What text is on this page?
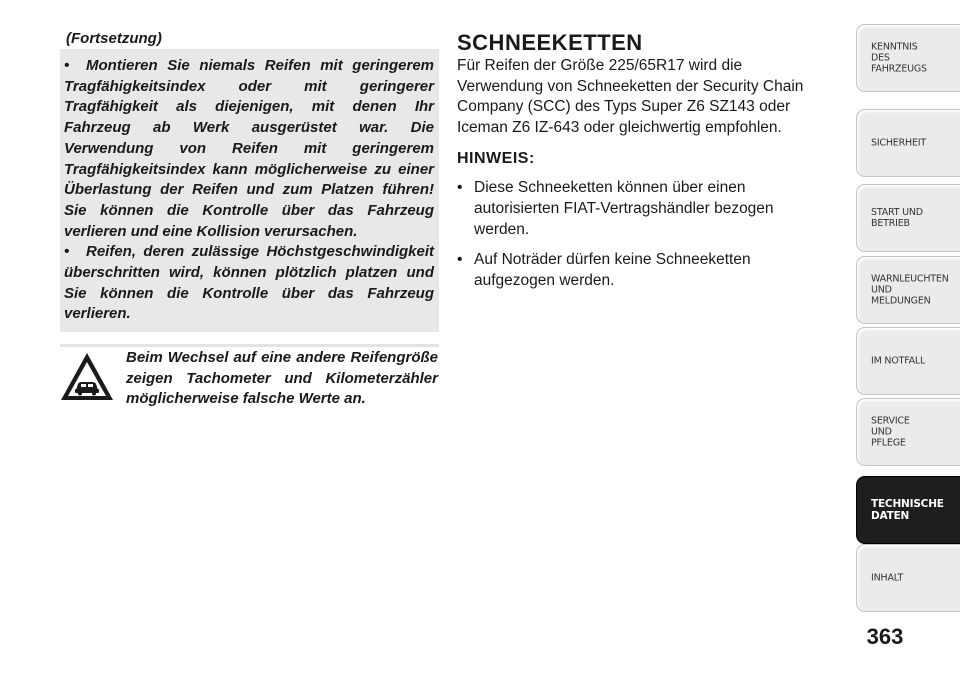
(Fortsetzung)

• Montieren Sie niemals Reifen mit geringerem Tragfähigkeitsindex oder mit geringerer Tragfähigkeit als diejenigen, mit denen Ihr Fahrzeug ab Werk ausgerüstet war. Die Verwendung von Reifen mit geringerem Tragfähigkeitsindex kann möglicherweise zu einer Überlastung der Reifen und zum Platzen führen! Sie können die Kontrolle über das Fahrzeug verlieren und eine Kollision verursachen.

• Reifen, deren zulässige Höchstgeschwindigkeit überschritten wird, können plötzlich platzen und Sie können die Kontrolle über das Fahrzeug verlieren.

Beim Wechsel auf eine andere Reifengröße zeigen Tachometer und Kilometerzähler möglicherweise falsche Werte an.
SCHNEEKETTEN

Für Reifen der Größe 225/65R17 wird die Verwendung von Schneeketten der Security Chain Company (SCC) des Typs Super Z6 SZ143 oder Iceman Z6 IZ-643 oder gleichwertig empfohlen.

HINWEIS:
• Diese Schneeketten können über einen autorisierten FIAT-Vertragshändler bezogen werden.
• Auf Noträder dürfen keine Schneeketten aufgezogen werden.
KENNTNIS
DES
FAHRZEUGS
SICHERHEIT
START UND
BETRIEB
WARNLEUCHTEN
UND
MELDUNGEN
IM NOTFALL
SERVICE
UND
PFLEGE
TECHNISCHE
DATEN
INHALT
363
